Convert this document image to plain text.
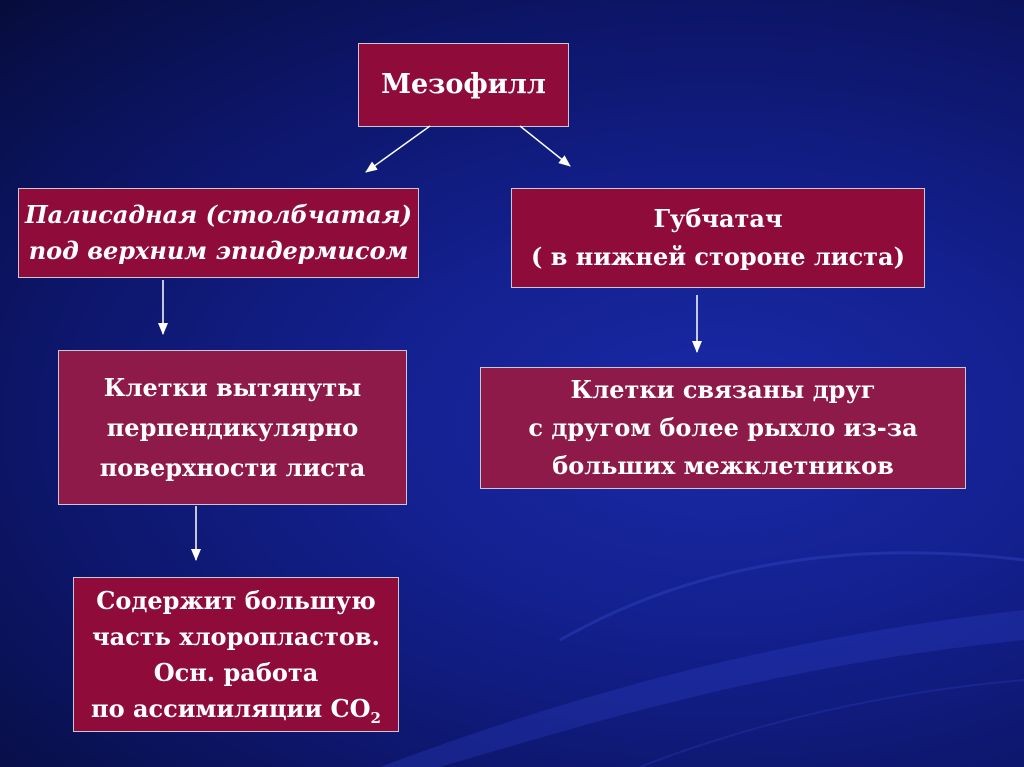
Мезофилл
Палисадная (столбчатая)
под верхним эпидермисом
Губчатач
( в нижней стороне листа)
Клетки вытянуты
перпендикулярно
поверхности листа
Клетки связаны друг
с другом более рыхло из-за
больших межклетников
Содержит большую
часть хлоропластов.
Осн. работа
по ассимиляции $СО_2$
